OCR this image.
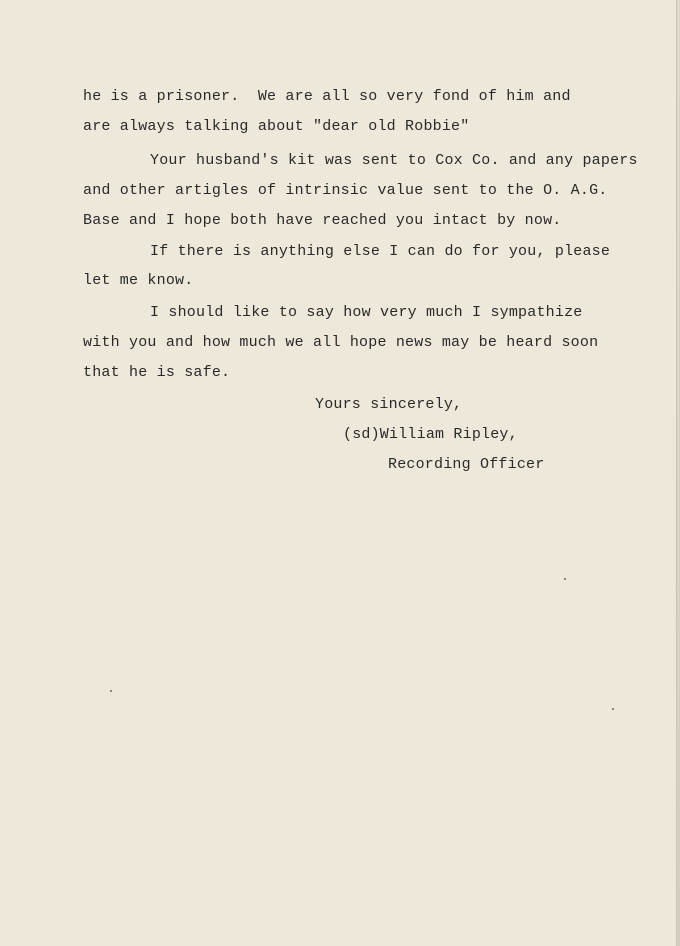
he is a prisoner.  We are all so very fond of him and
are always talking about "dear old Robbie"
Your husband's kit was sent to Cox Co. and any papers
and other artigles of intrinsic value sent to the O. A.G.
Base and I hope both have reached you intact by now.
If there is anything else I can do for you, please
let me know.
I should like to say how very much I sympathize
with you and how much we all hope news may be heard soon
that he is safe.
Yours sincerely,
(sd)William Ripley,
Recording Officer
